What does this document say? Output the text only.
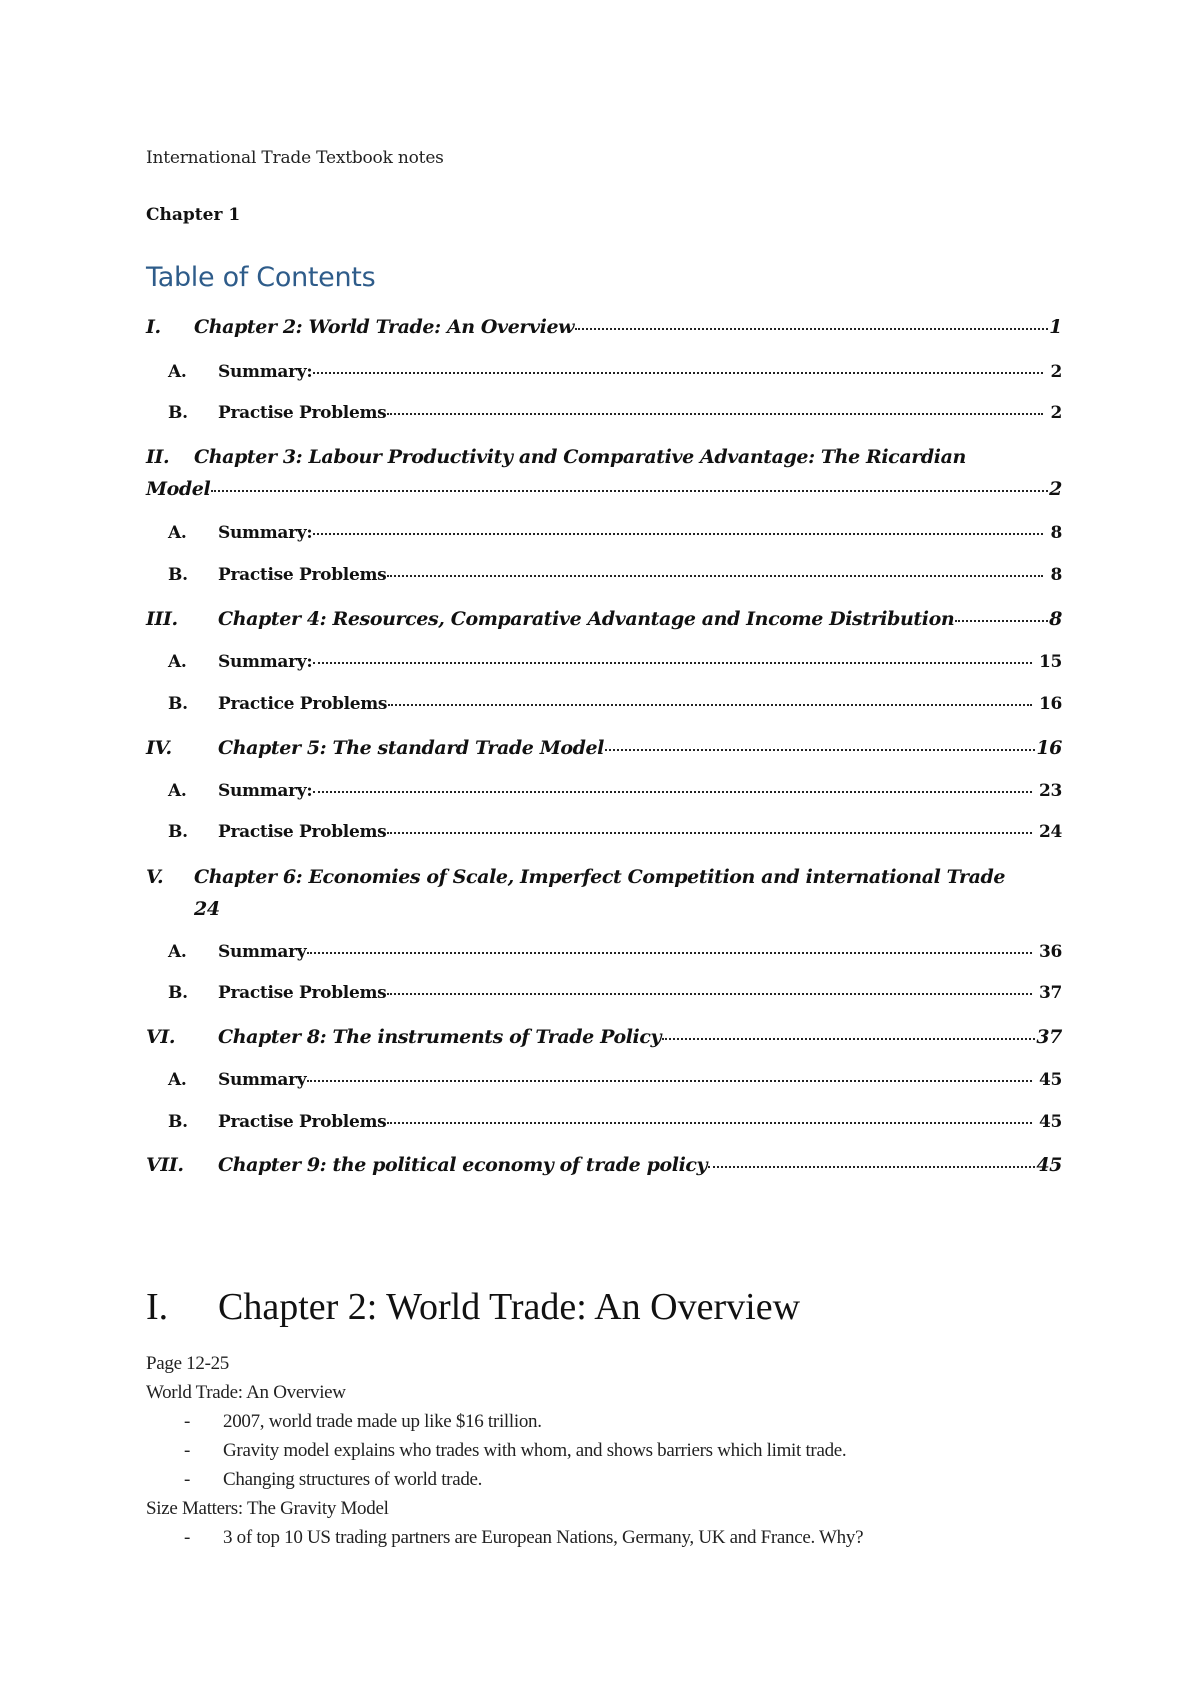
International Trade Textbook notes
Chapter 1
Table of Contents
I.	Chapter 2: World Trade: An Overview	1
A.	Summary:	2
B.	Practise Problems	2
II.	Chapter 3: Labour Productivity and Comparative Advantage: The Ricardian
Model	2
A.	Summary:	8
B.	Practise Problems	8
III.	Chapter 4: Resources, Comparative Advantage and Income Distribution	8
A.	Summary:	15
B.	Practice Problems	16
IV.	Chapter 5: The standard Trade Model	16
A.	Summary:	23
B.	Practise Problems	24
V.	Chapter 6: Economies of Scale, Imperfect Competition and international Trade
24
A.	Summary	36
B.	Practise Problems	37
VI.	Chapter 8: The instruments of Trade Policy	37
A.	Summary	45
B.	Practise Problems	45
VII.	Chapter 9: the political economy of trade policy	45
I.	Chapter 2: World Trade: An Overview
Page 12-25
World Trade: An Overview
-	2007, world trade made up like $16 trillion.
-	Gravity model explains who trades with whom, and shows barriers which limit trade.
-	Changing structures of world trade.
Size Matters: The Gravity Model
-	3 of top 10 US trading partners are European Nations, Germany, UK and France. Why?
